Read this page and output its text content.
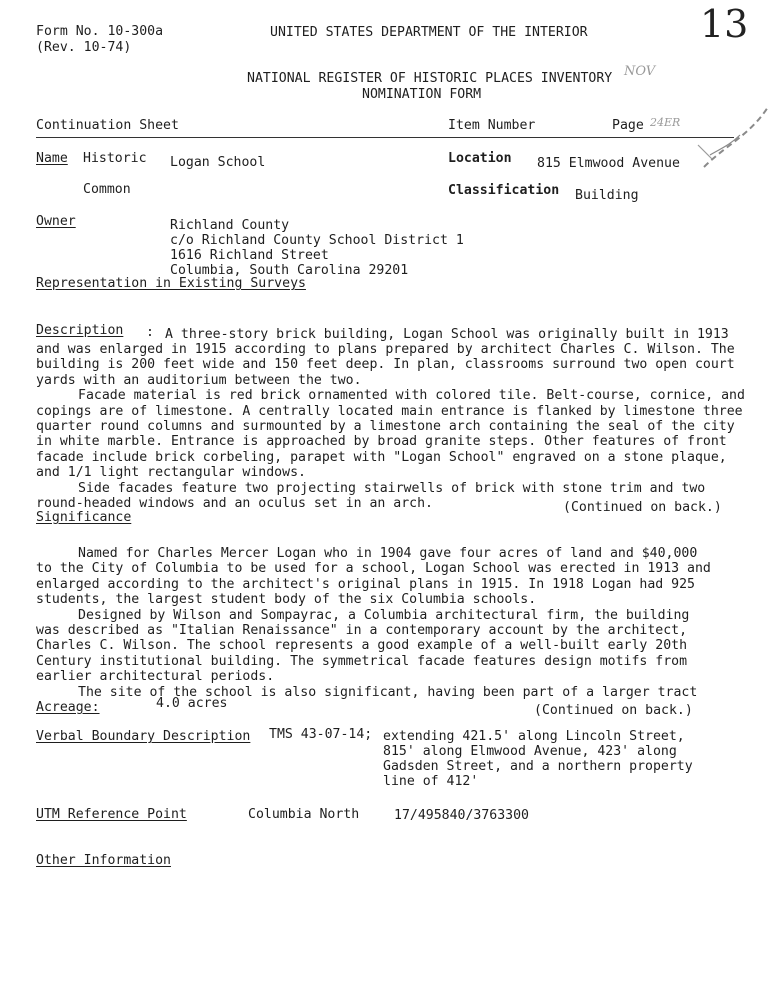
Form No. 10-300a
(Rev. 10-74)
UNITED STATES DEPARTMENT OF THE INTERIOR	13
NATIONAL REGISTER OF HISTORIC PLACES INVENTORY
NOMINATION FORM
NOV
24ER
Continuation Sheet	Item Number	Page
Name Historic Logan School	Location 815 Elmwood Avenue
Common	Classification Building
Owner	Richland County
c/o Richland County School District 1
1616 Richland Street
Columbia, South Carolina 29201
Representation in Existing Surveys
Description : A three-story brick building, Logan School was originally built in 1913

and was enlarged in 1915 according to plans prepared by architect Charles C. Wilson. The

building is 200 feet wide and 150 feet deep. In plan, classrooms surround two open court

yards with an auditorium between the two.

Facade material is red brick ornamented with colored tile. Belt-course, cornice, and

copings are of limestone. A centrally located main entrance is flanked by limestone three

quarter round columns and surmounted by a limestone arch containing the seal of the city

in white marble. Entrance is approached by broad granite steps. Other features of front

facade include brick corbeling, parapet with "Logan School" engraved on a stone plaque,

and 1/1 light rectangular windows.

Side facades feature two projecting stairwells of brick with stone trim and two

round-headed windows and an oculus set in an arch.	(Continued on back.)
Significance

Named for Charles Mercer Logan who in 1904 gave four acres of land and $40,000

to the City of Columbia to be used for a school, Logan School was erected in 1913 and

enlarged according to the architect's original plans in 1915. In 1918 Logan had 925

students, the largest student body of the six Columbia schools.

Designed by Wilson and Sompayrac, a Columbia architectural firm, the building

was described as "Italian Renaissance" in a contemporary account by the architect,

Charles C. Wilson. The school represents a good example of a well-built early 20th

Century institutional building. The symmetrical facade features design motifs from

earlier architectural periods.

The site of the school is also significant, having been part of a larger tract

Acreage:	4.0 acres	(Continued on back.)
Verbal Boundary Description TMS 43-07-14; extending 421.5' along Lincoln Street,
815' along Elmwood Avenue, 423' along
Gadsden Street, and a northern property
line of 412'
UTM Reference Point	Columbia North	17/495840/3763300
Other Information
